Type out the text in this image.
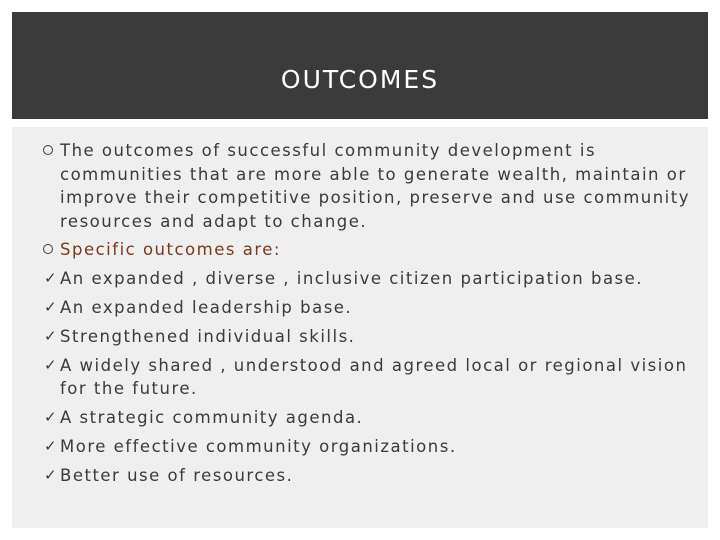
OUTCOMES
The outcomes of successful community development is communities that are more able to generate wealth, maintain or improve their competitive position, preserve and use community resources and adapt to change.
Specific outcomes are:
✓ An expanded , diverse , inclusive citizen participation base.
✓ An expanded leadership base.
✓ Strengthened individual skills.
✓ A widely shared , understood and agreed local or regional vision for the future.
✓ A strategic community agenda.
✓ More effective community organizations.
✓ Better use of resources.
